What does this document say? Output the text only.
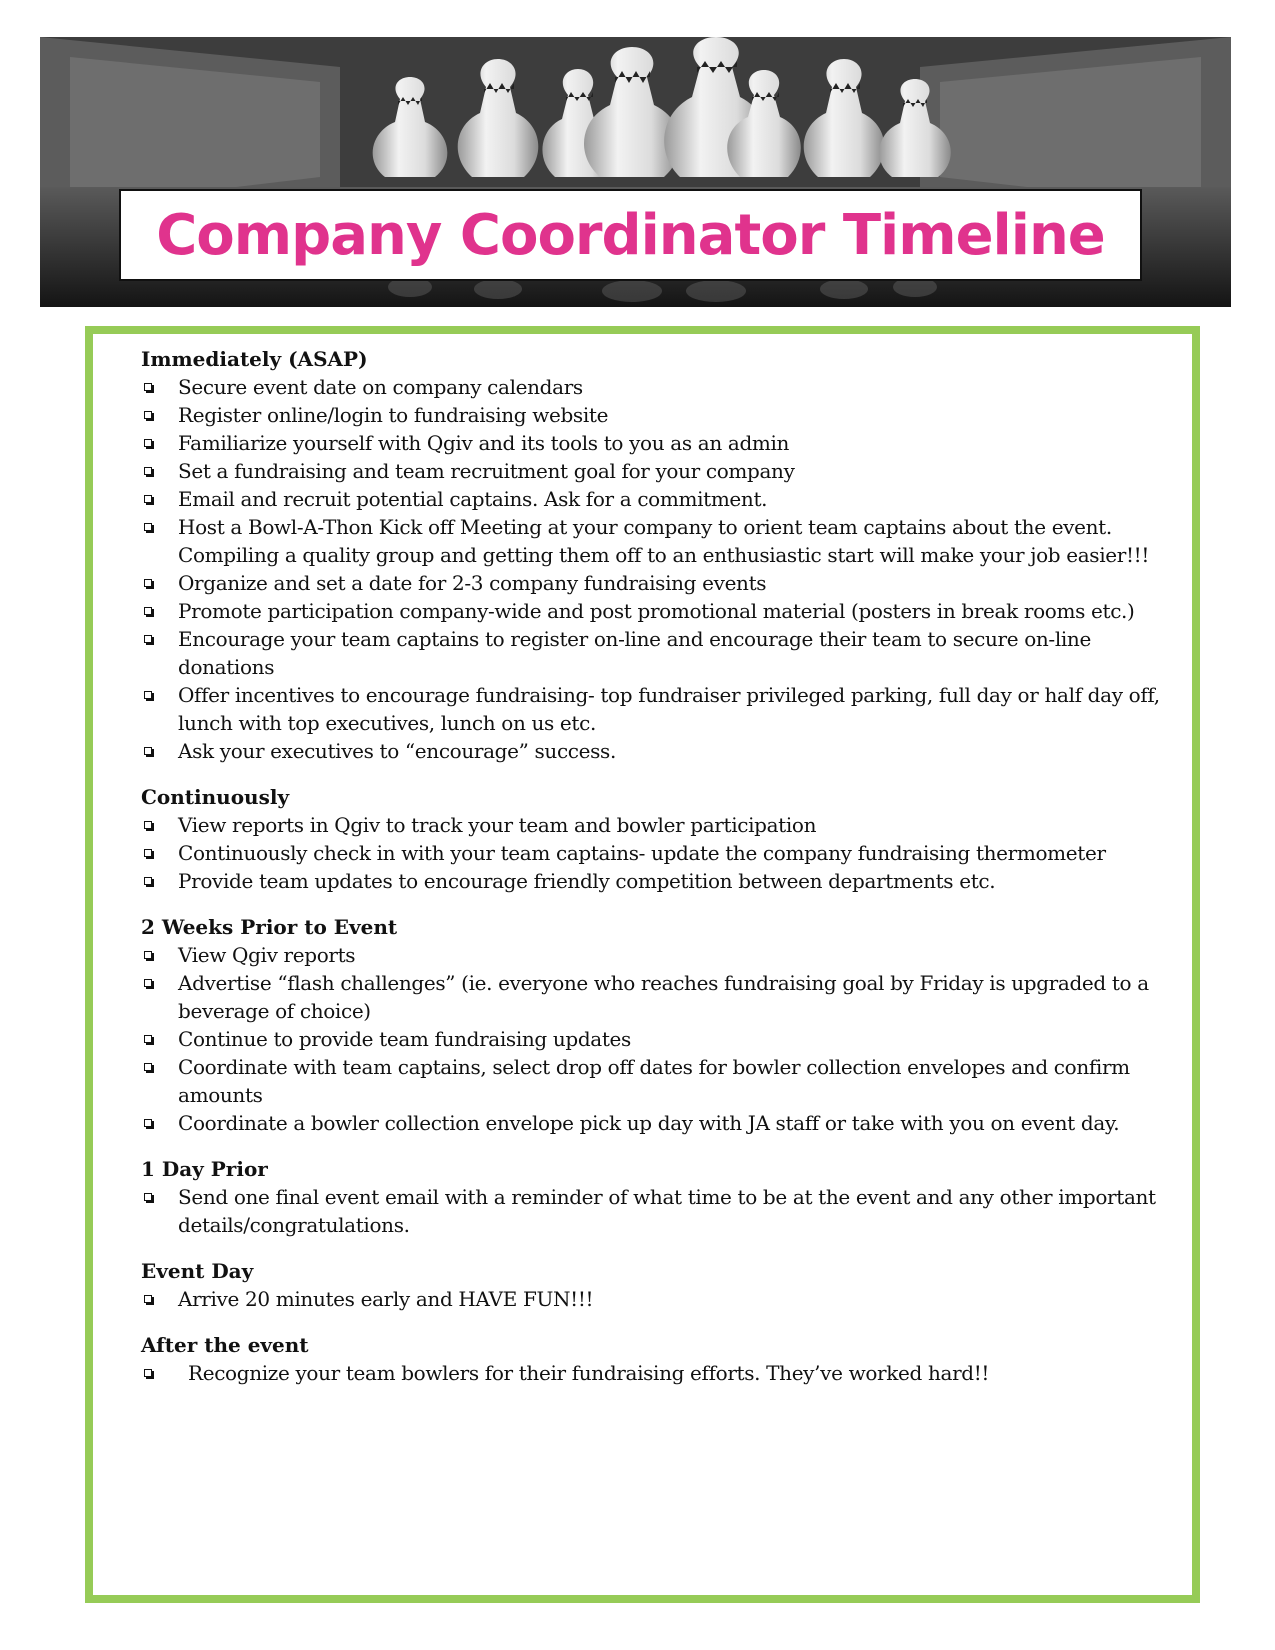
Company Coordinator Timeline
Immediately (ASAP)
Secure event date on company calendars
Register online/login to fundraising website
Familiarize yourself with Qgiv and its tools to you as an admin
Set a fundraising and team recruitment goal for your company
Email and recruit potential captains. Ask for a commitment.
Host a Bowl-A-Thon Kick off Meeting at your company to orient team captains about the event. Compiling a quality group and getting them off to an enthusiastic start will make your job easier!!!
Organize and set a date for 2-3 company fundraising events
Promote participation company-wide and post promotional material (posters in break rooms etc.)
Encourage your team captains to register on-line and encourage their team to secure on-line donations
Offer incentives to encourage fundraising- top fundraiser privileged parking, full day or half day off, lunch with top executives, lunch on us etc.
Ask your executives to “encourage” success.
Continuously
View reports in Qgiv to track your team and bowler participation
Continuously check in with your team captains- update the company fundraising thermometer
Provide team updates to encourage friendly competition between departments etc.
2 Weeks Prior to Event
View Qgiv reports
Advertise “flash challenges” (ie. everyone who reaches fundraising goal by Friday is upgraded to a beverage of choice)
Continue to provide team fundraising updates
Coordinate with team captains, select drop off dates for bowler collection envelopes and confirm amounts
Coordinate a bowler collection envelope pick up day with JA staff or take with you on event day.
1 Day Prior
Send one final event email with a reminder of what time to be at the event and any other important details/congratulations.
Event Day
Arrive 20 minutes early and HAVE FUN!!!
After the event
Recognize your team bowlers for their fundraising efforts. They’ve worked hard!!
